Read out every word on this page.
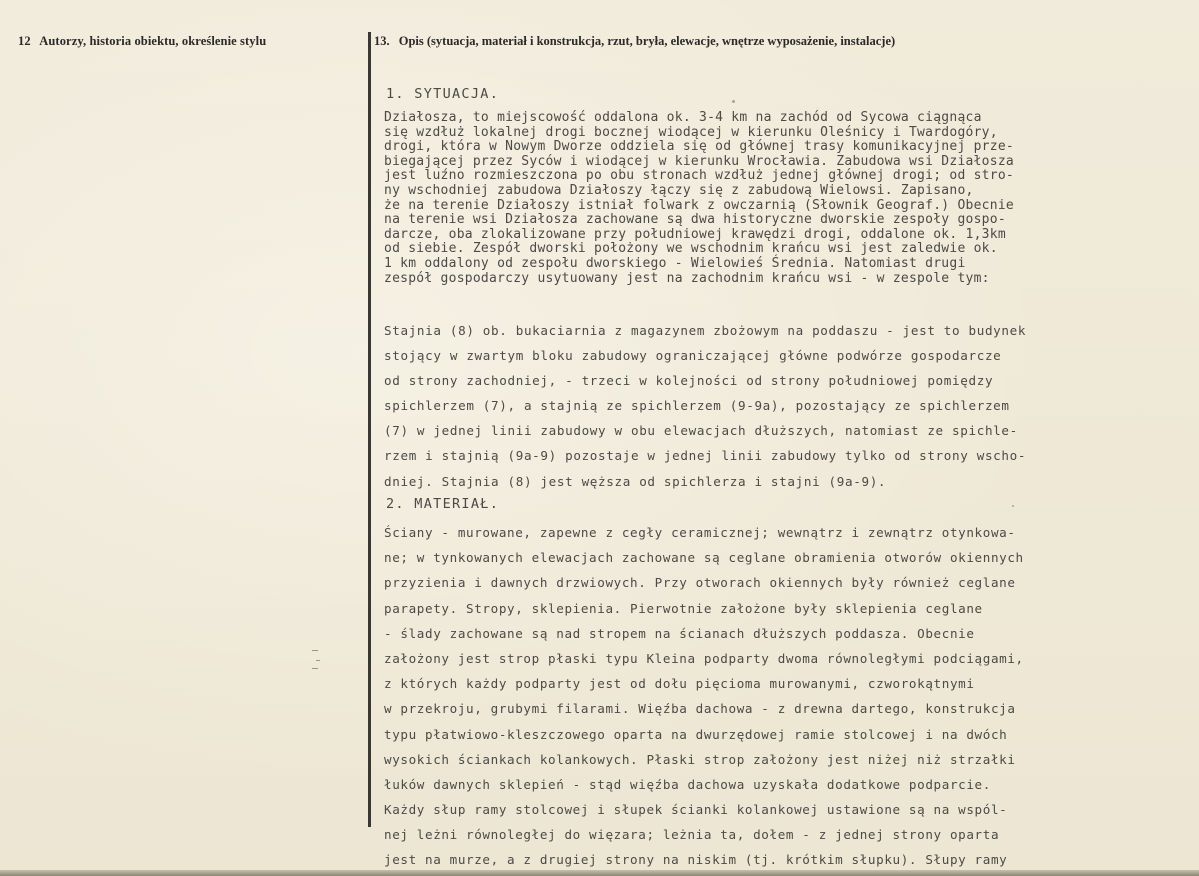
12 Autorzy, historia obiektu, określenie stylu	13. Opis (sytuacja, materiał i konstrukcja, rzut, bryła, elewacje, wnętrze wyposażenie, instalacje)
1. SYTUACJA.
Działosza, to miejscowość oddalona ok. 3-4 km na zachód od Sycowa ciągnąca
się wzdłuż lokalnej drogi bocznej wiodącej w kierunku Oleśnicy i Twardogóry,
drogi, która w Nowym Dworze oddziela się od głównej trasy komunikacyjnej prze-
biegającej przez Syców i wiodącej w kierunku Wrocławia. Zabudowa wsi Działosza
jest luźno rozmieszczona po obu stronach wzdłuż jednej głównej drogi; od stro-
ny wschodniej zabudowa Działoszy łączy się z zabudową Wielowsi. Zapisano,
że na terenie Działoszy istniał folwark z owczarnią (Słownik Geograf.) Obecnie
na terenie wsi Działosza zachowane są dwa historyczne dworskie zespoły gospo-
darcze, oba zlokalizowane przy południowej krawędzi drogi, oddalone ok. 1,3km
od siebie. Zespół dworski położony we wschodnim krańcu wsi jest zaledwie ok.
1 km oddalony od zespołu dworskiego - Wielowieś Średnia. Natomiast drugi
zespół gospodarczy usytuowany jest na zachodnim krańcu wsi - w zespole tym:
Stajnia (8) ob. bukaciarnia z magazynem zbożowym na poddaszu - jest to budynek
stojący w zwartym bloku zabudowy ograniczającej główne podwórze gospodarcze
od strony zachodniej, - trzeci w kolejności od strony południowej pomiędzy
spichlerzem (7), a stajnią ze spichlerzem (9-9a), pozostający ze spichlerzem
(7) w jednej linii zabudowy w obu elewacjach dłuższych, natomiast ze spichle-
rzem i stajnią (9a-9) pozostaje w jednej linii zabudowy tylko od strony wscho-
dniej. Stajnia (8) jest węższa od spichlerza i stajni (9a-9).
2. MATERIAŁ.
Ściany - murowane, zapewne z cegły ceramicznej; wewnątrz i zewnątrz otynkowa-
ne; w tynkowanych elewacjach zachowane są ceglane obramienia otworów okiennych
przyzienia i dawnych drzwiowych. Przy otworach okiennych były również ceglane
parapety. Stropy, sklepienia. Pierwotnie założone były sklepienia ceglane
- ślady zachowane są nad stropem na ścianach dłuższych poddasza. Obecnie
założony jest strop płaski typu Kleina podparty dwoma równoległymi podciągami,
z których każdy podparty jest od dołu pięcioma murowanymi, czworokątnymi
w przekroju, grubymi filarami. Więźba dachowa - z drewna dartego, konstrukcja
typu płatwiowo-kleszczowego oparta na dwurzędowej ramie stolcowej i na dwóch
wysokich ściankach kolankowych. Płaski strop założony jest niżej niż strzałki
łuków dawnych sklepień - stąd więźba dachowa uzyskała dodatkowe podparcie.
Każdy słup ramy stolcowej i słupek ścianki kolankowej ustawione są na wspól-
nej leżni równoległej do więzara; leżnia ta, dołem - z jednej strony oparta
jest na murze, a z drugiej strony na niskim (tj. krótkim słupku). Słupy ramy
